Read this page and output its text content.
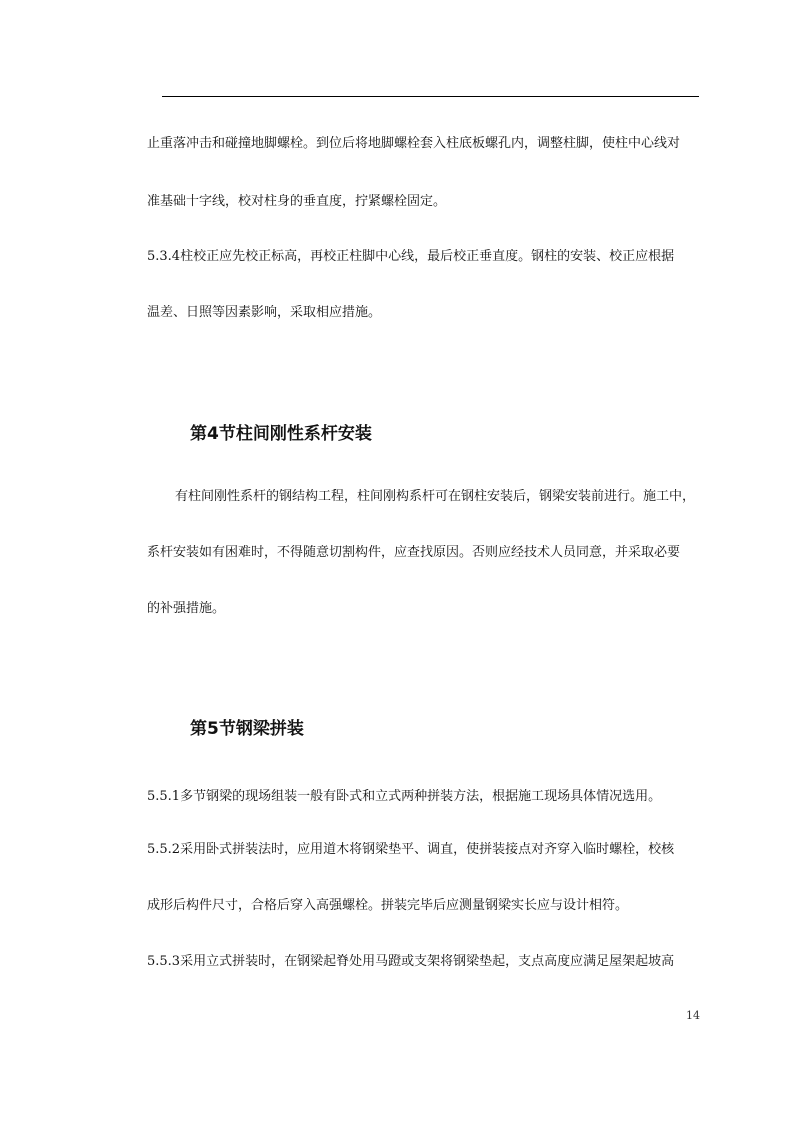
止重落冲击和碰撞地脚螺栓。到位后将地脚螺栓套入柱底板螺孔内，调整柱脚，使柱中心线对
准基础十字线，校对柱身的垂直度，拧紧螺栓固定。
5.3.4柱校正应先校正标高，再校正柱脚中心线，最后校正垂直度。钢柱的安装、校正应根据
温差、日照等因素影响，采取相应措施。
第4节柱间刚性系杆安装
有柱间刚性系杆的钢结构工程，柱间刚构系杆可在钢柱安装后，钢梁安装前进行。施工中，
系杆安装如有困难时，不得随意切割构件，应查找原因。否则应经技术人员同意，并采取必要
的补强措施。
第5节钢梁拼装
5.5.1多节钢梁的现场组装一般有卧式和立式两种拼装方法，根据施工现场具体情况选用。
5.5.2采用卧式拼装法时，应用道木将钢梁垫平、调直，使拼装接点对齐穿入临时螺栓，校核
成形后构件尺寸，合格后穿入高强螺栓。拼装完毕后应测量钢梁实长应与设计相符。
5.5.3采用立式拼装时，在钢梁起脊处用马蹬或支架将钢梁垫起，支点高度应满足屋架起坡高
14
